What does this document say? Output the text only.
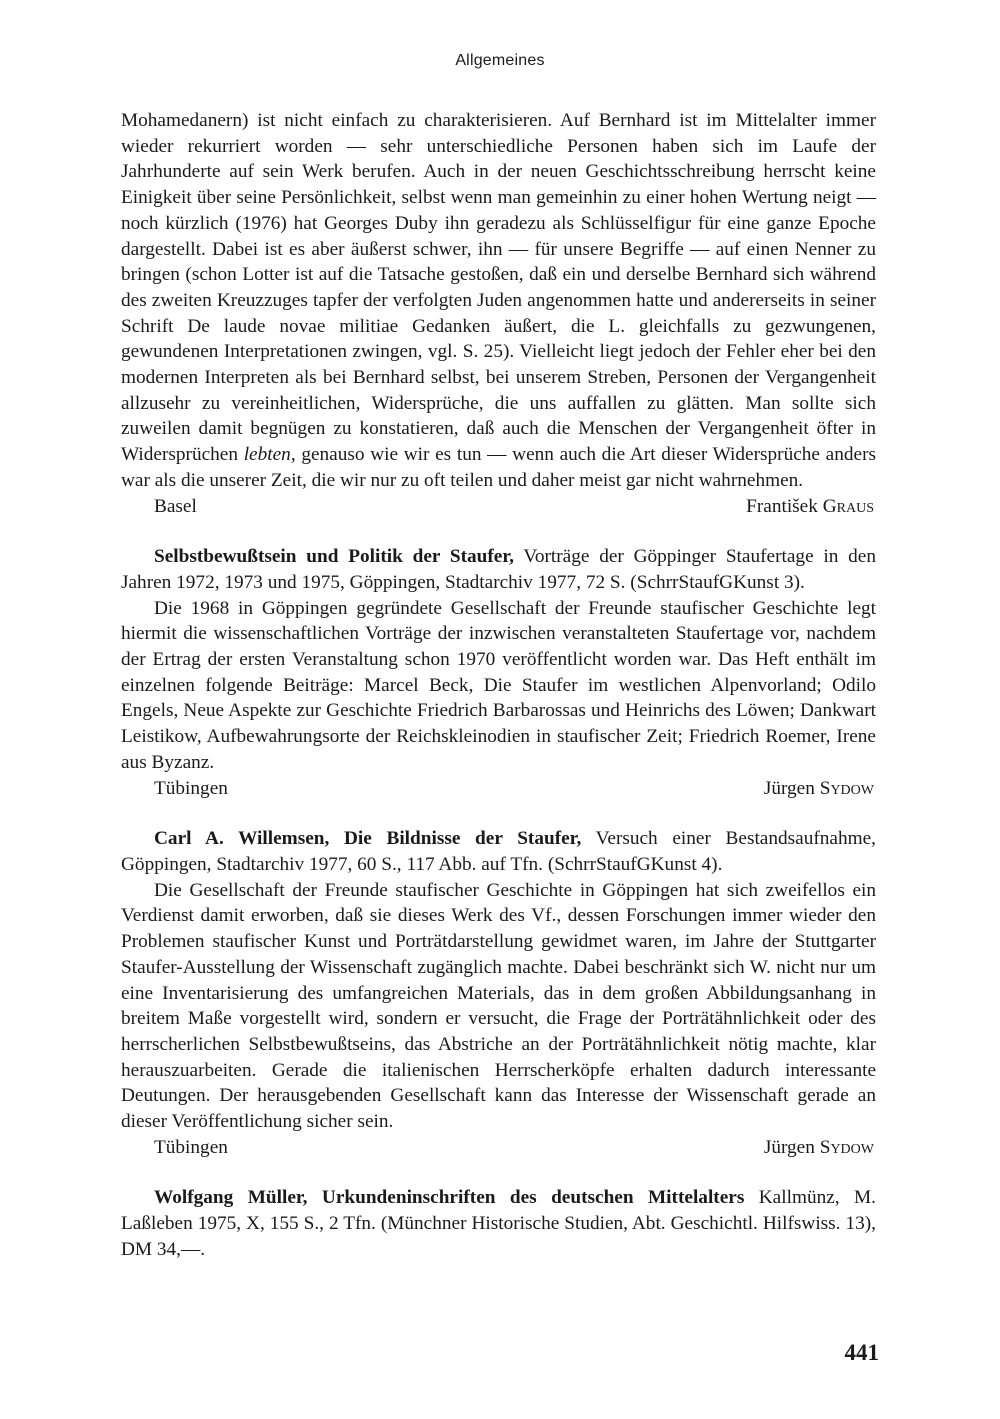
Allgemeines

Mohamedanern) ist nicht einfach zu charakterisieren. Auf Bernhard ist im Mittelalter immer wieder rekurriert worden — sehr unterschiedliche Personen haben sich im Laufe der Jahrhunderte auf sein Werk berufen. Auch in der neuen Geschichtsschreibung herrscht keine Einigkeit über seine Persönlichkeit, selbst wenn man gemeinhin zu einer hohen Wertung neigt — noch kürzlich (1976) hat Georges Duby ihn geradezu als Schlüsselfigur für eine ganze Epoche dargestellt. Dabei ist es aber äußerst schwer, ihn — für unsere Begriffe — auf einen Nenner zu bringen (schon Lotter ist auf die Tatsache gestoßen, daß ein und derselbe Bernhard sich während des zweiten Kreuzzuges tapfer der verfolgten Juden angenommen hatte und andererseits in seiner Schrift De laude novae militiae Gedanken äußert, die L. gleichfalls zu gezwungenen, gewundenen Interpretationen zwingen, vgl. S. 25). Vielleicht liegt jedoch der Fehler eher bei den modernen Interpreten als bei Bernhard selbst, bei unserem Streben, Personen der Vergangenheit allzusehr zu vereinheitlichen, Widersprüche, die uns auffallen zu glätten. Man sollte sich zuweilen damit begnügen zu konstatieren, daß auch die Menschen der Vergangenheit öfter in Widersprüchen lebten, genauso wie wir es tun — wenn auch die Art dieser Widersprüche anders war als die unserer Zeit, die wir nur zu oft teilen und daher meist gar nicht wahrnehmen.

Basel	František Graus

Selbstbewußtsein und Politik der Staufer, Vorträge der Göppinger Staufertage in den Jahren 1972, 1973 und 1975, Göppingen, Stadtarchiv 1977, 72 S. (SchrrStaufGKunst 3).

Die 1968 in Göppingen gegründete Gesellschaft der Freunde staufischer Geschichte legt hiermit die wissenschaftlichen Vorträge der inzwischen veranstalteten Staufertage vor, nachdem der Ertrag der ersten Veranstaltung schon 1970 veröffentlicht worden war. Das Heft enthält im einzelnen folgende Beiträge: Marcel Beck, Die Staufer im westlichen Alpenvorland; Odilo Engels, Neue Aspekte zur Geschichte Friedrich Barbarossas und Heinrichs des Löwen; Dankwart Leistikow, Aufbewahrungsorte der Reichskleinodien in staufischer Zeit; Friedrich Roemer, Irene aus Byzanz.

Tübingen	Jürgen Sydow

Carl A. Willemsen, Die Bildnisse der Staufer, Versuch einer Bestandsaufnahme, Göppingen, Stadtarchiv 1977, 60 S., 117 Abb. auf Tfn. (SchrrStaufGKunst 4).

Die Gesellschaft der Freunde staufischer Geschichte in Göppingen hat sich zweifellos ein Verdienst damit erworben, daß sie dieses Werk des Vf., dessen Forschungen immer wieder den Problemen staufischer Kunst und Porträtdarstellung gewidmet waren, im Jahre der Stuttgarter Staufer-Ausstellung der Wissenschaft zugänglich machte. Dabei beschränkt sich W. nicht nur um eine Inventarisierung des umfangreichen Materials, das in dem großen Abbildungsanhang in breitem Maße vorgestellt wird, sondern er versucht, die Frage der Porträtähnlichkeit oder des herrscherlichen Selbstbewußtseins, das Abstriche an der Porträtähnlichkeit nötig machte, klar herauszuarbeiten. Gerade die italienischen Herrscherköpfe erhalten dadurch interessante Deutungen. Der herausgebenden Gesellschaft kann das Interesse der Wissenschaft gerade an dieser Veröffentlichung sicher sein.

Tübingen	Jürgen Sydow

Wolfgang Müller, Urkundeninschriften des deutschen Mittelalters Kallmünz, M. Laßleben 1975, X, 155 S., 2 Tfn. (Münchner Historische Studien, Abt. Geschichtl. Hilfswiss. 13), DM 34,—.

441
